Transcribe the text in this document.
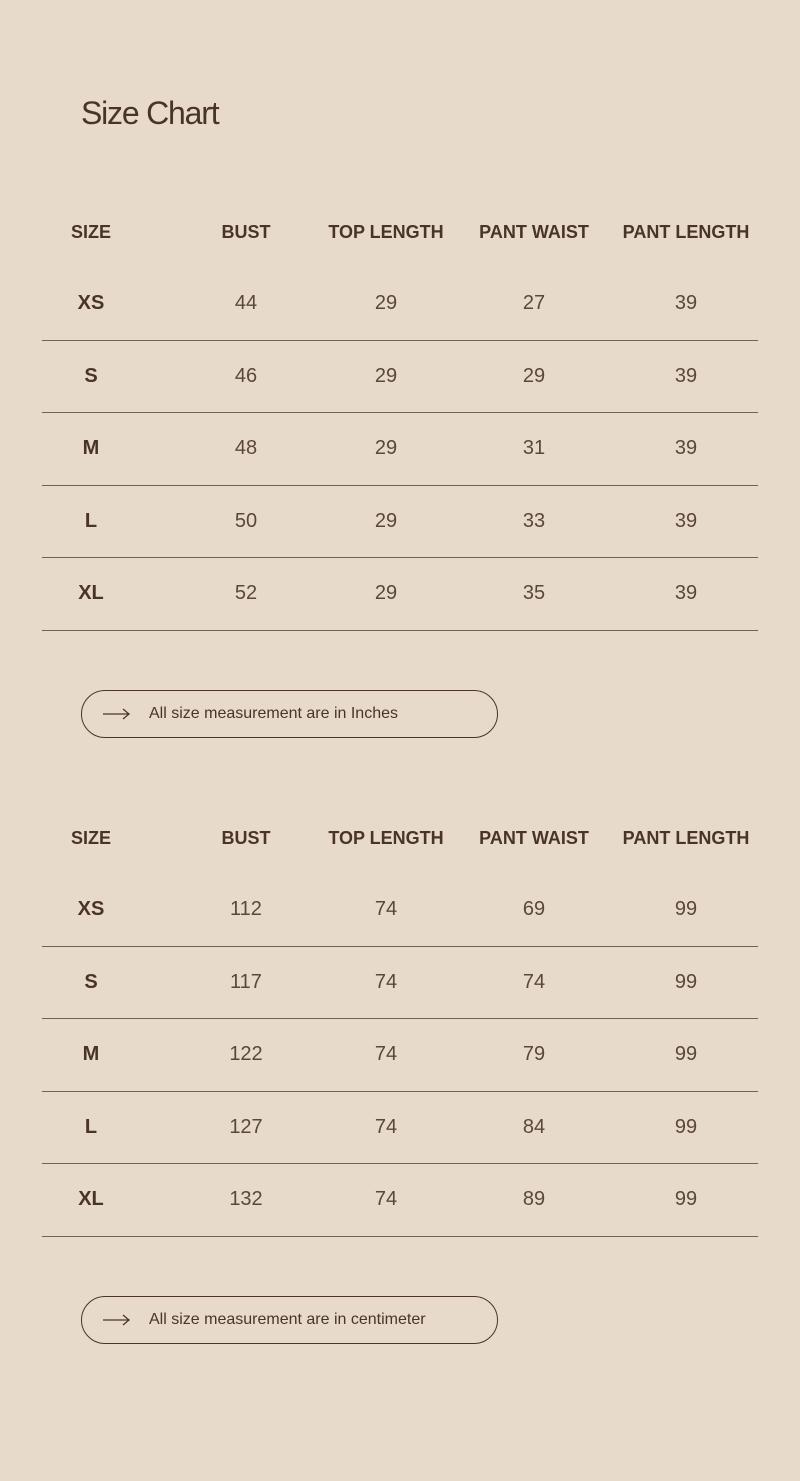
Size Chart
SIZE	BUST	TOP LENGTH	PANT WAIST	PANT LENGTH
XS	44	29	27	39
S	46	29	29	39
M	48	29	31	39
L	50	29	33	39
XL	52	29	35	39
All size measurement are in Inches
SIZE	BUST	TOP LENGTH	PANT WAIST	PANT LENGTH
XS	112	74	69	99
S	117	74	74	99
M	122	74	79	99
L	127	74	84	99
XL	132	74	89	99
All size measurement are in centimeter
